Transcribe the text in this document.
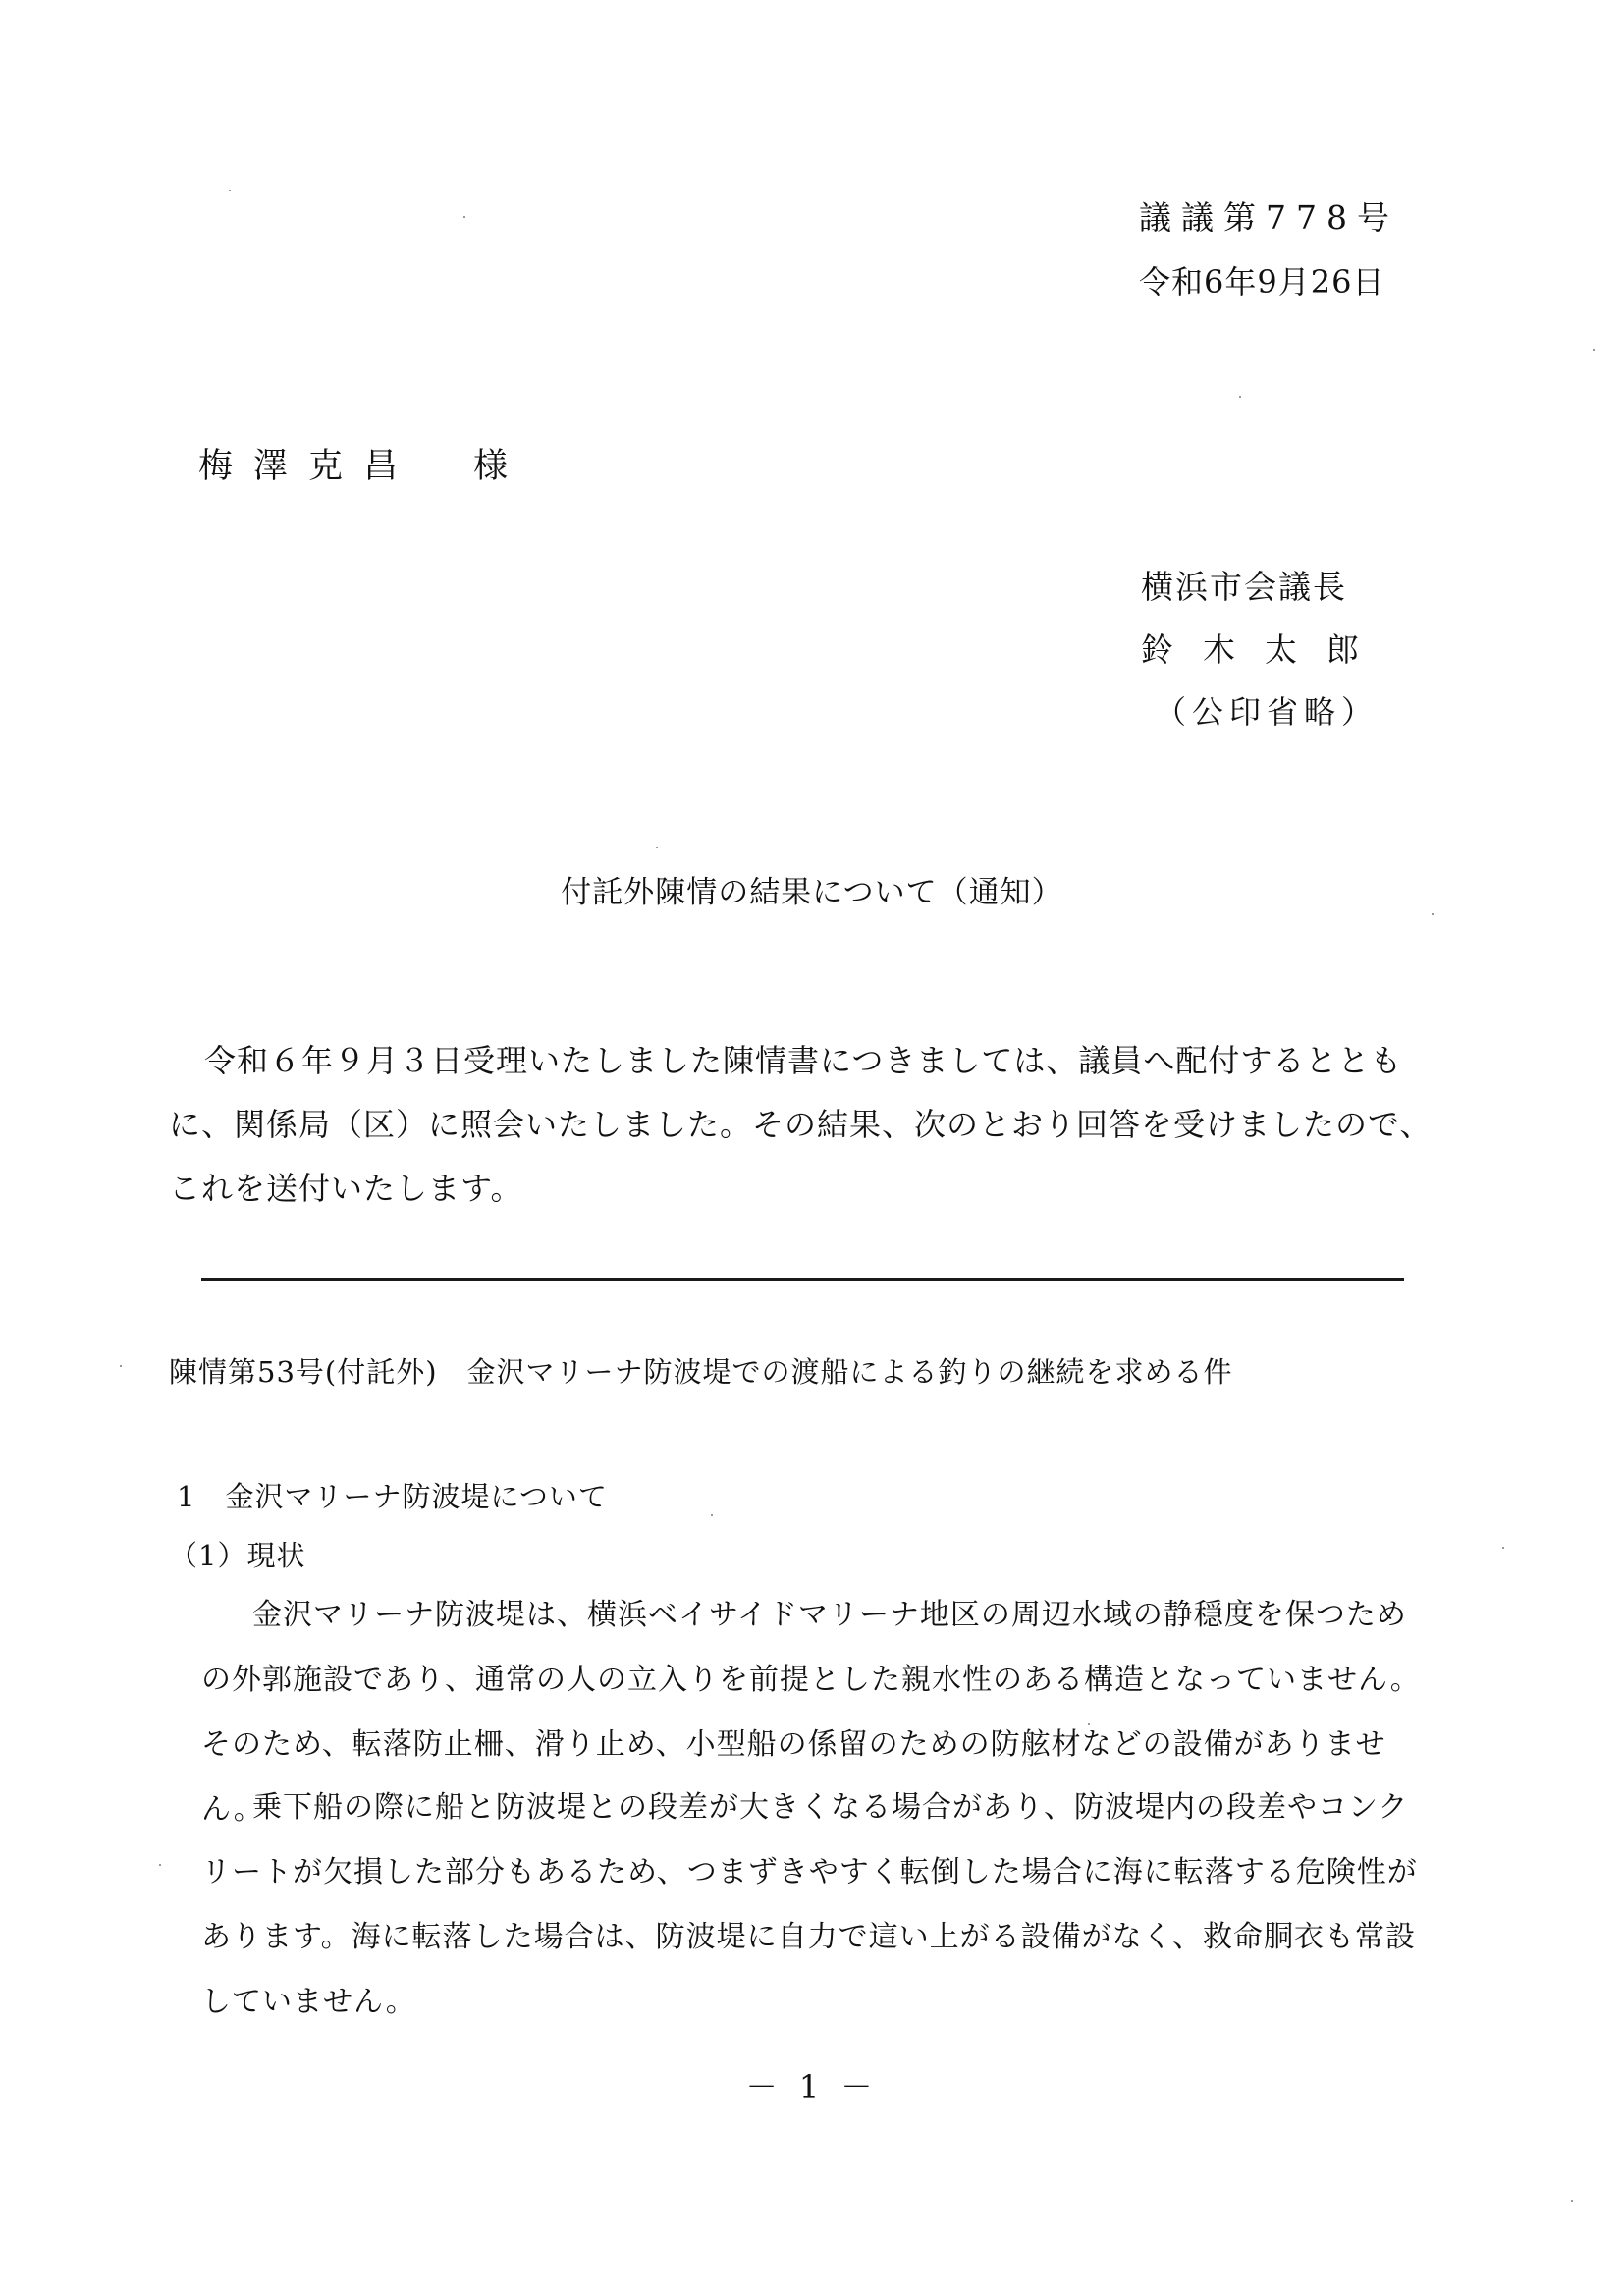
議議第778号
令和6年9月26日
梅澤克昌　様
横浜市会議長
鈴木太郎
（公印省略）
付託外陳情の結果について（通知）
令和６年９月３日受理いたしました陳情書につきましては、議員へ配付するとともに、関係局（区）に照会いたしました。その結果、次のとおり回答を受けましたので、これを送付いたします。
陳情第53号(付託外)　金沢マリーナ防波堤での渡船による釣りの継続を求める件
1　金沢マリーナ防波堤について
（1）現状
金沢マリーナ防波堤は、横浜ベイサイドマリーナ地区の周辺水域の静穏度を保つための外郭施設であり、通常の人の立入りを前提とした親水性のある構造となっていません。そのため、転落防止柵、滑り止め、小型船の係留のための防舷材などの設備がありません。
乗下船の際に船と防波堤との段差が大きくなる場合があり、防波堤内の段差やコンクリートが欠損した部分もあるため、つまずきやすく転倒した場合に海に転落する危険性があります。海に転落した場合は、防波堤に自力で這い上がる設備がなく、救命胴衣も常設していません。
－ 1 －
